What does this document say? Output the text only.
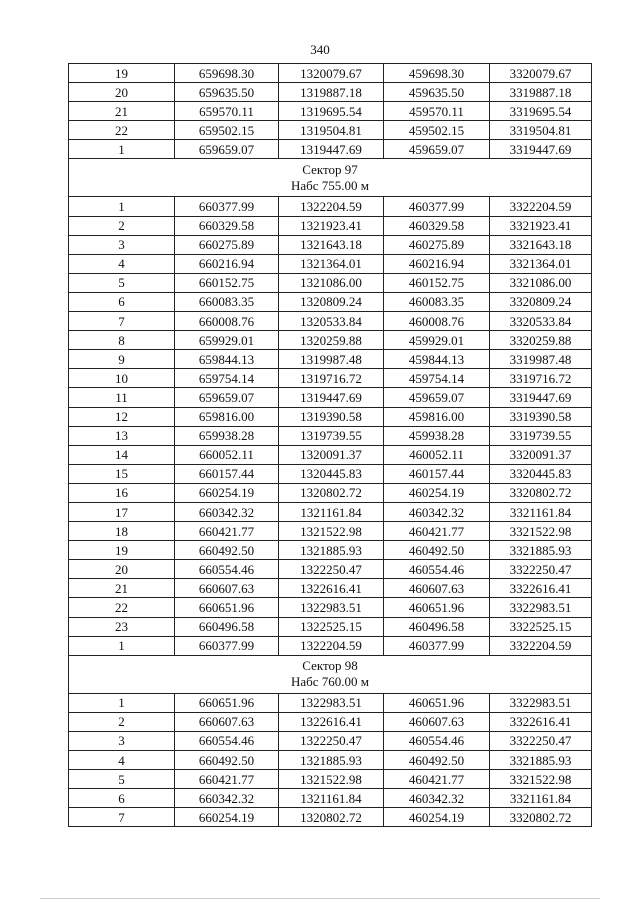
340
19	659698.30	1320079.67	459698.30	3320079.67
20	659635.50	1319887.18	459635.50	3319887.18
21	659570.11	1319695.54	459570.11	3319695.54
22	659502.15	1319504.81	459502.15	3319504.81
1	659659.07	1319447.69	459659.07	3319447.69

Сектор 97
Набс 755.00 м				

1	660377.99	1322204.59	460377.99	3322204.59
2	660329.58	1321923.41	460329.58	3321923.41
3	660275.89	1321643.18	460275.89	3321643.18
4	660216.94	1321364.01	460216.94	3321364.01
5	660152.75	1321086.00	460152.75	3321086.00
6	660083.35	1320809.24	460083.35	3320809.24
7	660008.76	1320533.84	460008.76	3320533.84
8	659929.01	1320259.88	459929.01	3320259.88
9	659844.13	1319987.48	459844.13	3319987.48
10	659754.14	1319716.72	459754.14	3319716.72
11	659659.07	1319447.69	459659.07	3319447.69
12	659816.00	1319390.58	459816.00	3319390.58
13	659938.28	1319739.55	459938.28	3319739.55
14	660052.11	1320091.37	460052.11	3320091.37
15	660157.44	1320445.83	460157.44	3320445.83
16	660254.19	1320802.72	460254.19	3320802.72
17	660342.32	1321161.84	460342.32	3321161.84
18	660421.77	1321522.98	460421.77	3321522.98
19	660492.50	1321885.93	460492.50	3321885.93
20	660554.46	1322250.47	460554.46	3322250.47
21	660607.63	1322616.41	460607.63	3322616.41
22	660651.96	1322983.51	460651.96	3322983.51
23	660496.58	1322525.15	460496.58	3322525.15
1	660377.99	1322204.59	460377.99	3322204.59

Сектор 98
Набс 760.00 м				

1	660651.96	1322983.51	460651.96	3322983.51
2	660607.63	1322616.41	460607.63	3322616.41
3	660554.46	1322250.47	460554.46	3322250.47
4	660492.50	1321885.93	460492.50	3321885.93
5	660421.77	1321522.98	460421.77	3321522.98
6	660342.32	1321161.84	460342.32	3321161.84
7	660254.19	1320802.72	460254.19	3320802.72
